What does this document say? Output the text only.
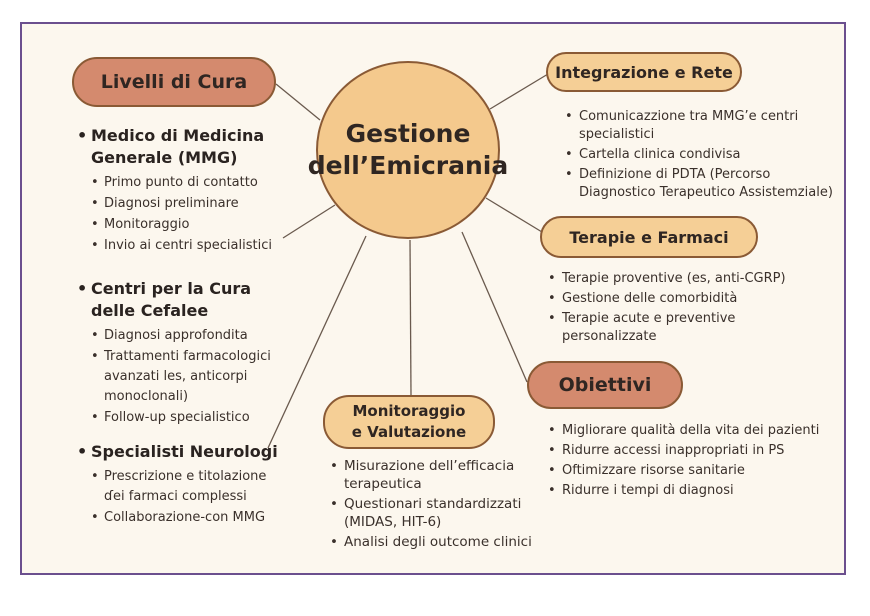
Gestione
dell’Emicrania
Livelli di Cura	Integrazione e Rete
Terapie e Farmaci
Obiettivi
Monitoraggio
e Valutazione
• Medico di Medicina
Generale (MMG)
• Primo punto di contatto
• Diagnosi preliminare
• Monitoraggio
• Invio ai centri specialistici
• Centri per la Cura
delle Cefalee
• Diagnosi approfondita
• Trattamenti farmacologici
avanzati les, anticorpi
monoclonali)
• Follow-up specialistico
• Specialisti Neurologi
• Prescrizione e titolazione
ɗei farmaci complessi
• Collaborazione-con MMG
• Comunicazzione tra MMG’e centri
specialistici
• Cartella clinica condivisa
• Definizione di PDTA (Percorso
Diagnostico Terapeutico Assistemziale)
• Terapie proventive (es, anti-CGRP)
• Gestione delle comorbidità
• Terapie acute e preventive
personalizzate
• Migliorare qualità della vita dei pazienti
• Ridurre accessi inappropriati in PS
• Oftimizzare risorse sanitarie
• Ridurre i tempi di diagnosi
• Misurazione dell’efficacia
terapeutica
• Questionari standardizzati
(MIDAS, HIT-6)
• Analisi degli outcome clinici
